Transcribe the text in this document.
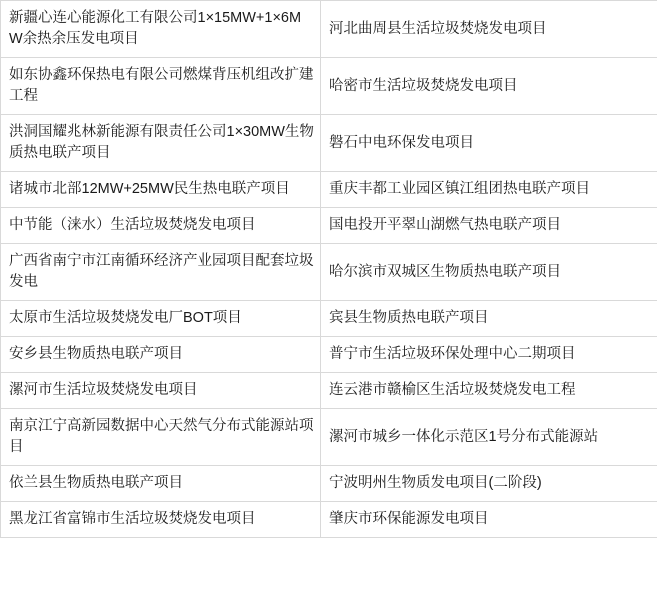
新疆心连心能源化工有限公司1×15MW+1×6MW余热余压发电项目	河北曲周县生活垃圾焚烧发电项目
如东协鑫环保热电有限公司燃煤背压机组改扩建工程	哈密市生活垃圾焚烧发电项目
洪洞国耀兆林新能源有限责任公司1×30MW生物质热电联产项目	磐石中电环保发电项目
诸城市北部12MW+25MW民生热电联产项目	重庆丰都工业园区镇江组团热电联产项目
中节能（涞水）生活垃圾焚烧发电项目	国电投开平翠山湖燃气热电联产项目
广西省南宁市江南循环经济产业园项目配套垃圾发电	哈尔滨市双城区生物质热电联产项目
太原市生活垃圾焚烧发电厂BOT项目	宾县生物质热电联产项目
安乡县生物质热电联产项目	普宁市生活垃圾环保处理中心二期项目
漯河市生活垃圾焚烧发电项目	连云港市赣榆区生活垃圾焚烧发电工程
南京江宁高新园数据中心天然气分布式能源站项目	漯河市城乡一体化示范区1号分布式能源站
依兰县生物质热电联产项目	宁波明州生物质发电项目(二阶段)
黑龙江省富锦市生活垃圾焚烧发电项目	肇庆市环保能源发电项目
